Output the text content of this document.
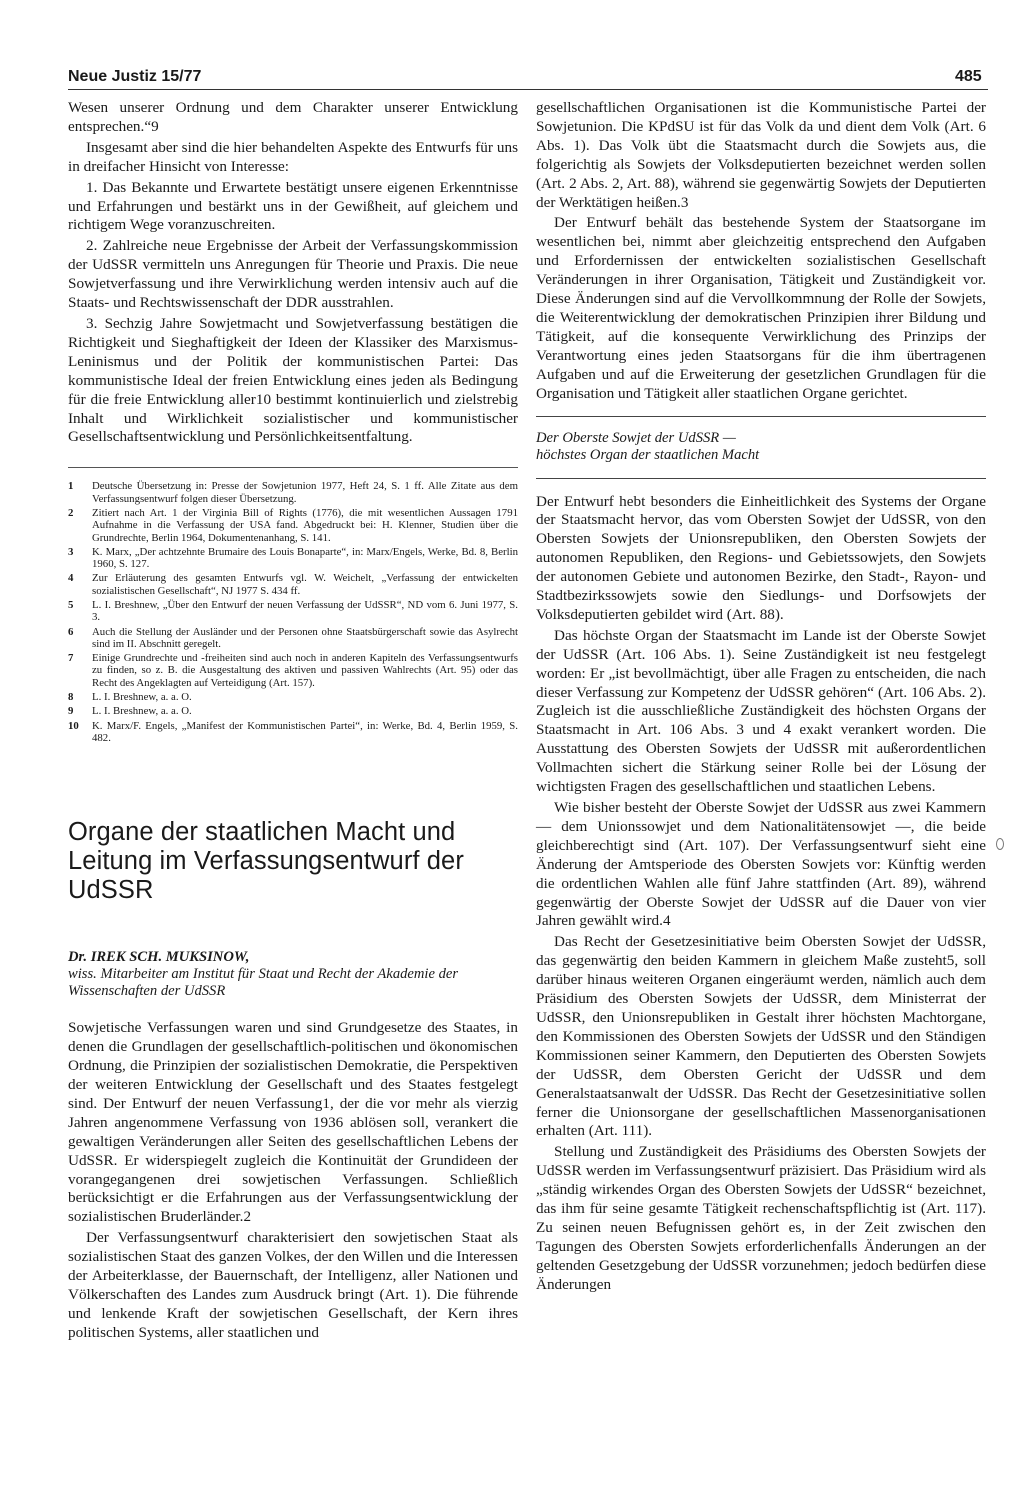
Neue Justiz 15/77	485

Wesen unserer Ordnung und dem Charakter unserer Entwicklung entsprechen.“9

Insgesamt aber sind die hier behandelten Aspekte des Entwurfs für uns in dreifacher Hinsicht von Interesse:

1. Das Bekannte und Erwartete bestätigt unsere eigenen Erkenntnisse und Erfahrungen und bestärkt uns in der Gewißheit, auf gleichem und richtigem Wege voranzuschreiten.

2. Zahlreiche neue Ergebnisse der Arbeit der Verfassungskommission der UdSSR vermitteln uns Anregungen für Theorie und Praxis. Die neue Sowjetverfassung und ihre Verwirklichung werden intensiv auch auf die Staats- und Rechtswissenschaft der DDR ausstrahlen.

3. Sechzig Jahre Sowjetmacht und Sowjetverfassung bestätigen die Richtigkeit und Sieghaftigkeit der Ideen der Klassiker des Marxismus-Leninismus und der Politik der kommunistischen Partei: Das kommunistische Ideal der freien Entwicklung eines jeden als Bedingung für die freie Entwicklung aller10 bestimmt kontinuierlich und zielstrebig Inhalt und Wirklichkeit sozialistischer und kommunistischer Gesellschaftsentwicklung und Persönlichkeitsentfaltung.

1	Deutsche Übersetzung in: Presse der Sowjetunion 1977, Heft 24, S. 1 ff. Alle Zitate aus dem Verfassungsentwurf folgen dieser Übersetzung.
2	Zitiert nach Art. 1 der Virginia Bill of Rights (1776), die mit wesentlichen Aussagen 1791 Aufnahme in die Verfassung der USA fand. Abgedruckt bei: H. Klenner, Studien über die Grundrechte, Berlin 1964, Dokumentenanhang, S. 141.
3	K. Marx, „Der achtzehnte Brumaire des Louis Bonaparte“, in: Marx/Engels, Werke, Bd. 8, Berlin 1960, S. 127.
4	Zur Erläuterung des gesamten Entwurfs vgl. W. Weichelt, „Verfassung der entwickelten sozialistischen Gesellschaft“, NJ 1977 S. 434 ff.
5	L. I. Breshnew, „Über den Entwurf der neuen Verfassung der UdSSR“, ND vom 6. Juni 1977, S. 3.
6	Auch die Stellung der Ausländer und der Personen ohne Staatsbürgerschaft sowie das Asylrecht sind im II. Abschnitt geregelt.
7	Einige Grundrechte und -freiheiten sind auch noch in anderen Kapiteln des Verfassungsentwurfs zu finden, so z. B. die Ausgestaltung des aktiven und passiven Wahlrechts (Art. 95) oder das Recht des Angeklagten auf Verteidigung (Art. 157).
8	L. I. Breshnew, a. a. O.
9	L. I. Breshnew, a. a. O.
10	K. Marx/F. Engels, „Manifest der Kommunistischen Partei“, in: Werke, Bd. 4, Berlin 1959, S. 482.
Organe der staatlichen Macht und Leitung im Verfassungsentwurf der UdSSR
Dr. IREK SCH. MUKSINOW,
wiss. Mitarbeiter am Institut für Staat und Recht der Akademie der Wissenschaften der UdSSR

Sowjetische Verfassungen waren und sind Grundgesetze des Staates, in denen die Grundlagen der gesellschaftlich-politischen und ökonomischen Ordnung, die Prinzipien der sozialistischen Demokratie, die Perspektiven der weiteren Entwicklung der Gesellschaft und des Staates festgelegt sind. Der Entwurf der neuen Verfassung1, der die vor mehr als vierzig Jahren angenommene Verfassung von 1936 ablösen soll, verankert die gewaltigen Veränderungen aller Seiten des gesellschaftlichen Lebens der UdSSR. Er widerspiegelt zugleich die Kontinuität der Grundideen der vorangegangenen drei sowjetischen Verfassungen. Schließlich berücksichtigt er die Erfahrungen aus der Verfassungsentwicklung der sozialistischen Bruderländer.2

Der Verfassungsentwurf charakterisiert den sowjetischen Staat als sozialistischen Staat des ganzen Volkes, der den Willen und die Interessen der Arbeiterklasse, der Bauernschaft, der Intelligenz, aller Nationen und Völkerschaften des Landes zum Ausdruck bringt (Art. 1). Die führende und lenkende Kraft der sowjetischen Gesellschaft, der Kern ihres politischen Systems, aller staatlichen und

gesellschaftlichen Organisationen ist die Kommunistische Partei der Sowjetunion. Die KPdSU ist für das Volk da und dient dem Volk (Art. 6 Abs. 1). Das Volk übt die Staatsmacht durch die Sowjets aus, die folgerichtig als Sowjets der Volksdeputierten bezeichnet werden sollen (Art. 2 Abs. 2, Art. 88), während sie gegenwärtig Sowjets der Deputierten der Werktätigen heißen.3

Der Entwurf behält das bestehende System der Staatsorgane im wesentlichen bei, nimmt aber gleichzeitig entsprechend den Aufgaben und Erfordernissen der entwickelten sozialistischen Gesellschaft Veränderungen in ihrer Organisation, Tätigkeit und Zuständigkeit vor. Diese Änderungen sind auf die Vervollkommnung der Rolle der Sowjets, die Weiterentwicklung der demokratischen Prinzipien ihrer Bildung und Tätigkeit, auf die konsequente Verwirklichung des Prinzips der Verantwortung eines jeden Staatsorgans für die ihm übertragenen Aufgaben und auf die Erweiterung der gesetzlichen Grundlagen für die Organisation und Tätigkeit aller staatlichen Organe gerichtet.

Der Oberste Sowjet der UdSSR —
höchstes Organ der staatlichen Macht

Der Entwurf hebt besonders die Einheitlichkeit des Systems der Organe der Staatsmacht hervor, das vom Obersten Sowjet der UdSSR, von den Obersten Sowjets der Unionsrepubliken, den Obersten Sowjets der autonomen Republiken, den Regions- und Gebietssowjets, den Sowjets der autonomen Gebiete und autonomen Bezirke, den Stadt-, Rayon- und Stadtbezirkssowjets sowie den Siedlungs- und Dorfsowjets der Volksdeputierten gebildet wird (Art. 88).

Das höchste Organ der Staatsmacht im Lande ist der Oberste Sowjet der UdSSR (Art. 106 Abs. 1). Seine Zuständigkeit ist neu festgelegt worden: Er „ist bevollmächtigt, über alle Fragen zu entscheiden, die nach dieser Verfassung zur Kompetenz der UdSSR gehören“ (Art. 106 Abs. 2). Zugleich ist die ausschließliche Zuständigkeit des höchsten Organs der Staatsmacht in Art. 106 Abs. 3 und 4 exakt verankert worden. Die Ausstattung des Obersten Sowjets der UdSSR mit außerordentlichen Vollmachten sichert die Stärkung seiner Rolle bei der Lösung der wichtigsten Fragen des gesellschaftlichen und staatlichen Lebens.

Wie bisher besteht der Oberste Sowjet der UdSSR aus zwei Kammern — dem Unionssowjet und dem Nationalitätensowjet —, die beide gleichberechtigt sind (Art. 107). Der Verfassungsentwurf sieht eine Änderung der Amtsperiode des Obersten Sowjets vor: Künftig werden die ordentlichen Wahlen alle fünf Jahre stattfinden (Art. 89), während gegenwärtig der Oberste Sowjet der UdSSR auf die Dauer von vier Jahren gewählt wird.4

Das Recht der Gesetzesinitiative beim Obersten Sowjet der UdSSR, das gegenwärtig den beiden Kammern in gleichem Maße zusteht5, soll darüber hinaus weiteren Organen eingeräumt werden, nämlich auch dem Präsidium des Obersten Sowjets der UdSSR, dem Ministerrat der UdSSR, den Unionsrepubliken in Gestalt ihrer höchsten Machtorgane, den Kommissionen des Obersten Sowjets der UdSSR und den Ständigen Kommissionen seiner Kammern, den Deputierten des Obersten Sowjets der UdSSR, dem Obersten Gericht der UdSSR und dem Generalstaatsanwalt der UdSSR. Das Recht der Gesetzesinitiative sollen ferner die Unionsorgane der gesellschaftlichen Massenorganisationen erhalten (Art. 111).

Stellung und Zuständigkeit des Präsidiums des Obersten Sowjets der UdSSR werden im Verfassungsentwurf präzisiert. Das Präsidium wird als „ständig wirkendes Organ des Obersten Sowjets der UdSSR“ bezeichnet, das ihm für seine gesamte Tätigkeit rechenschaftspflichtig ist (Art. 117). Zu seinen neuen Befugnissen gehört es, in der Zeit zwischen den Tagungen des Obersten Sowjets erforderlichenfalls Änderungen an der geltenden Gesetzgebung der UdSSR vorzunehmen; jedoch bedürfen diese Änderungen
